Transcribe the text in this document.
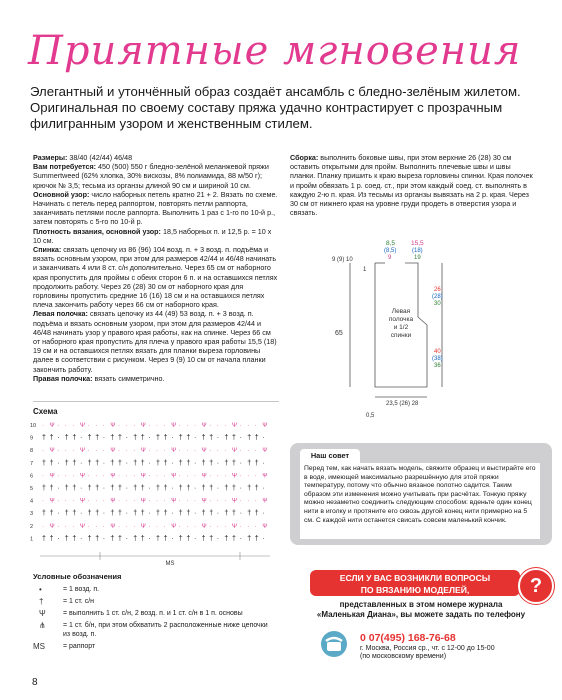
Приятные мгновения
Элегантный и утончённый образ создаёт ансамбль с бледно-зелёным жилетом. Оригинальная по своему составу пряжа удачно контрастирует с прозрачным филигранным узором и женственным стилем.

Размеры: 38/40 (42/44) 46/48

Вам потребуется: 450 (500) 550 г бледно-зелёной меланжевой пряжи Summertweed (62% хлопка, 30% вискозы, 8% полиамида, 88 м/50 г); крючок № 3,5; тесьма из органзы длиной 90 см и шириной 10 см.

Основной узор: число наборных петель кратно 21 + 2. Вязать по схеме. Начинать с петель перед раппортом, повторять петли раппорта, заканчивать петлями после раппорта. Выполнить 1 раз с 1-го по 10-й р., затем повторять с 5-го по 10-й р.

Плотность вязания, основной узор: 18,5 наборных п. и 12,5 р. = 10 x 10 см.

Спинка: связать цепочку из 86 (96) 104 возд. п. + 3 возд. п. подъёма и вязать основным узором, при этом для размеров 42/44 и 46/48 начинать и заканчивать 4 или 8 ст. с/н дополнительно. Через 65 см от наборного края пропустить для проймы с обеих сторон 6 п. и на оставшихся петлях продолжить работу. Через 26 (28) 30 см от наборного края для горловины пропустить средние 16 (16) 18 см и на оставшихся петлях плеча закончить работу через 66 см от наборного края.

Левая полочка: связать цепочку из 44 (49) 53 возд. п. + 3 возд. п. подъёма и вязать основным узором, при этом для размеров 42/44 и 46/48 начинать узор у правого края работы, как на спинке. Через 66 см от наборного края пропустить для плеча у правого края работы 15,5 (18) 19 см и на оставшихся петлях вязать для планки выреза горловины далее в соответствии с рисунком. Через 9 (9) 10 см от начала планки закончить работу.

Правая полочка: вязать симметрично.

Сборка: выполнить боковые швы, при этом верхние 26 (28) 30 см оставить открытыми для пройм. Выполнить плечевые швы и швы планки. Планку пришить к краю выреза горловины спинки. Края полочек и пройм обвязать 1 р. соед. ст., при этом каждый соед. ст. выполнять в каждую 2-ю п. края. Из тесьмы из органзы вывязать на 2 р. края. Через 30 см от нижнего края на уровне груди продеть в отверстия узора и связать.

8,5
(8,5)
9
15,5
(18)
19
9 (9) 10
1
65
26
(28)
30
40
(38)
36
23,5 (26) 28
0,5
Левая
полочка
и 1/2
спинки
Схема
10 · Ψ · · · Ψ · · · Ψ · · · Ψ · · · Ψ · · · Ψ · · · Ψ · · · Ψ
9 † † · † † · † † · † † · † † · † † · † † · † † · † † · † † ·
8 · Ψ · · · Ψ · · · Ψ · · · Ψ · · · Ψ · · · Ψ · · · Ψ · · · Ψ
7 † † · † † · † † · † † · † † · † † · † † · † † · † † · † † ·
6 · Ψ · · · Ψ · · · Ψ · · · Ψ · · · Ψ · · · Ψ · · · Ψ · · · Ψ
5 † † · † † · † † · † † · † † · † † · † † · † † · † † · † † ·
4 · Ψ · · · Ψ · · · Ψ · · · Ψ · · · Ψ · · · Ψ · · · Ψ · · · Ψ
3 † † · † † · † † · † † · † † · † † · † † · † † · † † · † † ·
2 · Ψ · · · Ψ · · · Ψ · · · Ψ · · · Ψ · · · Ψ · · · Ψ · · · Ψ
1 † † · † † · † † · † † · † † · † † · † † · † † · † † · † † ·
MS
Условные обозначения
•	= 1 возд. п.
†	= 1 ст. с/н
Ψ = выполнить 1 ст. с/н, 2 возд. п. и 1 ст. с/н в 1 п. основы
⋔ = 1 ст. б/н, при этом обхватить 2 расположенные ниже цепочки из возд. п.
MS	= раппорт
Наш совет
Перед тем, как начать вязать модель, свяжите образец и выстирайте его в воде, имеющей максимально разрешённую для этой пряжи температуру, потому что обычно вязаное полотно садится. Таким образом эти изменения можно учитывать при расчётах. Тонкую пряжу можно незаметно соединить следующим способом: вденьте один конец нити в иголку и протяните его сквозь другой конец нити примерно на 5 см. С каждой нити останется свисать совсем маленький кончик.
ЕСЛИ У ВАС ВОЗНИКЛИ ВОПРОСЫ
ПО ВЯЗАНИЮ МОДЕЛЕЙ,	?
представленных в этом номере журнала
«Маленькая Диана», вы можете задать по телефону
0 07(495) 168-76-68
г. Москва, Россия ср., чт. с 12-00 до 15-00
(по московскому времени)
8
